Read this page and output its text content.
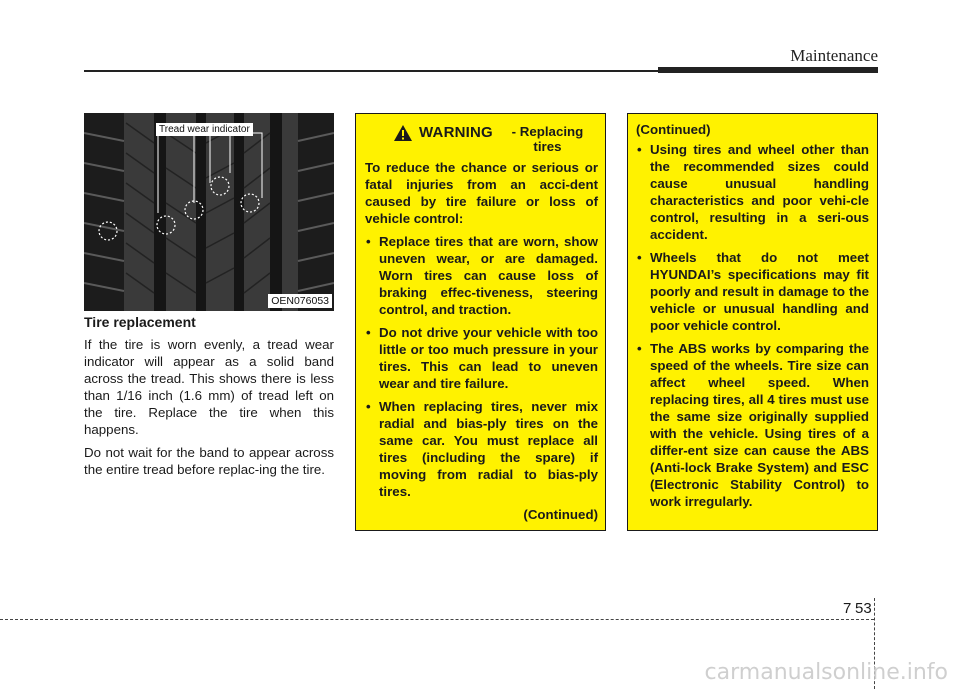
Maintenance
Tread wear indicator
OEN076053

Tire replacement

If the tire is worn evenly, a tread wear indicator will appear as a solid band across the tread. This shows there is less than 1/16 inch (1.6 mm) of tread left on the tire. Replace the tire when this happens.

Do not wait for the band to appear across the entire tread before replac-ing the tire.

WARNING	- Replacing tires

To reduce the chance or serious or fatal injuries from an acci-dent caused by tire failure or loss of vehicle control:

• Replace tires that are worn, show uneven wear, or are damaged. Worn tires can cause loss of braking effec-tiveness, steering control, and traction.
• Do not drive your vehicle with too little or too much pressure in your tires. This can lead to uneven wear and tire failure.
• When replacing tires, never mix radial and bias-ply tires on the same car. You must replace all tires (including the spare) if moving from radial to bias-ply tires.
(Continued)

(Continued)

• Using tires and wheel other than the recommended sizes could cause unusual handling characteristics and poor vehi-cle control, resulting in a seri-ous accident.
• Wheels that do not meet HYUNDAI’s specifications may fit poorly and result in damage to the vehicle or unusual handling and poor vehicle control.
• The ABS works by comparing the speed of the wheels. Tire size can affect wheel speed. When replacing tires, all 4 tires must use the same size originally supplied with the vehicle. Using tires of a differ-ent size can cause the ABS (Anti-lock Brake System) and ESC (Electronic Stability Control) to work irregularly.
7 53
carmanualsonline.info
